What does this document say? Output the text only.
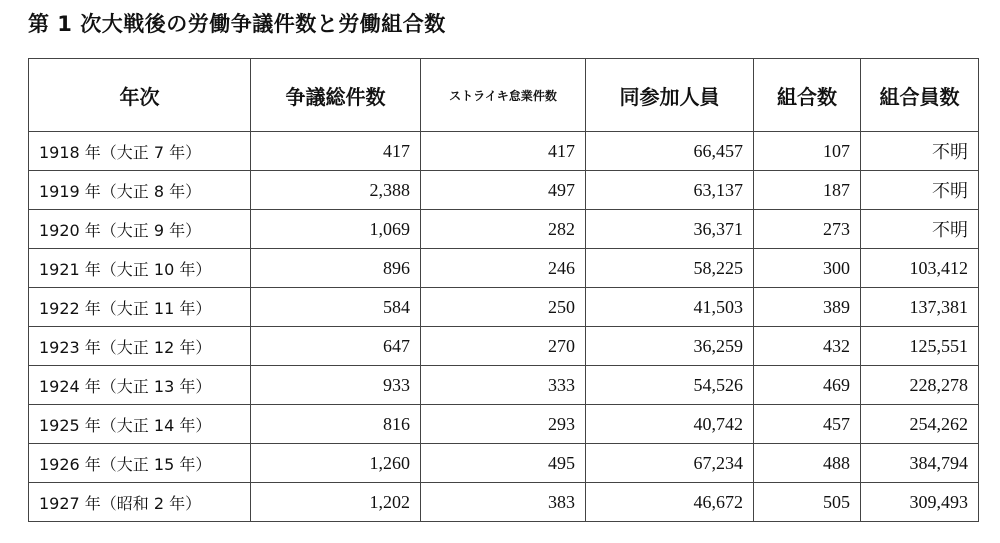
第 1 次大戦後の労働争議件数と労働組合数
年次	争議総件数	ストライキ怠業件数	同参加人員	組合数	組合員数
1918 年（大正 7 年）	417	417	66,457	107	不明
1919 年（大正 8 年）	2,388	497	63,137	187	不明
1920 年（大正 9 年）	1,069	282	36,371	273	不明
1921 年（大正 10 年）	896	246	58,225	300	103,412
1922 年（大正 11 年）	584	250	41,503	389	137,381
1923 年（大正 12 年）	647	270	36,259	432	125,551
1924 年（大正 13 年）	933	333	54,526	469	228,278
1925 年（大正 14 年）	816	293	40,742	457	254,262
1926 年（大正 15 年）	1,260	495	67,234	488	384,794
1927 年（昭和 2 年）	1,202	383	46,672	505	309,493
